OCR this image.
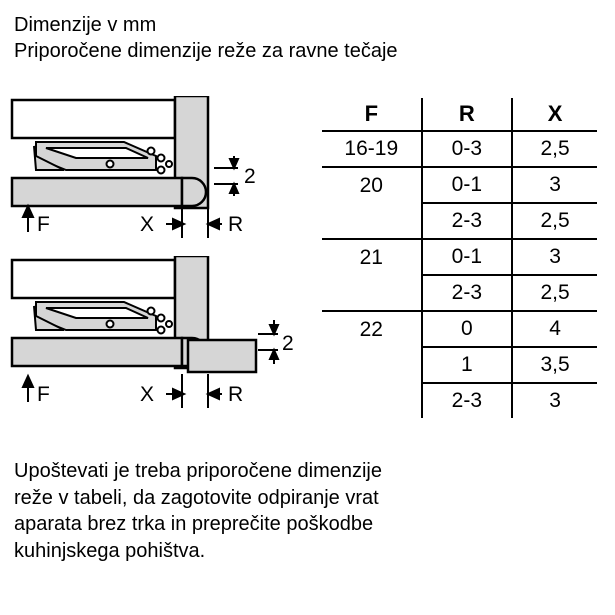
Dimenzije v mm
Priporočene dimenzije reže za ravne tečaje
2
F	X	R
2
F	X	R
F	R	X
16-19	0-3	2,5
20	0-1	3
	2-3	2,5
21	0-1	3
	2-3	2,5
22	0	4
	1	3,5
	2-3	3
Upoštevati je treba priporočene dimenzije
reže v tabeli, da zagotovite odpiranje vrat
aparata brez trka in preprečite poškodbe
kuhinjskega pohištva.
